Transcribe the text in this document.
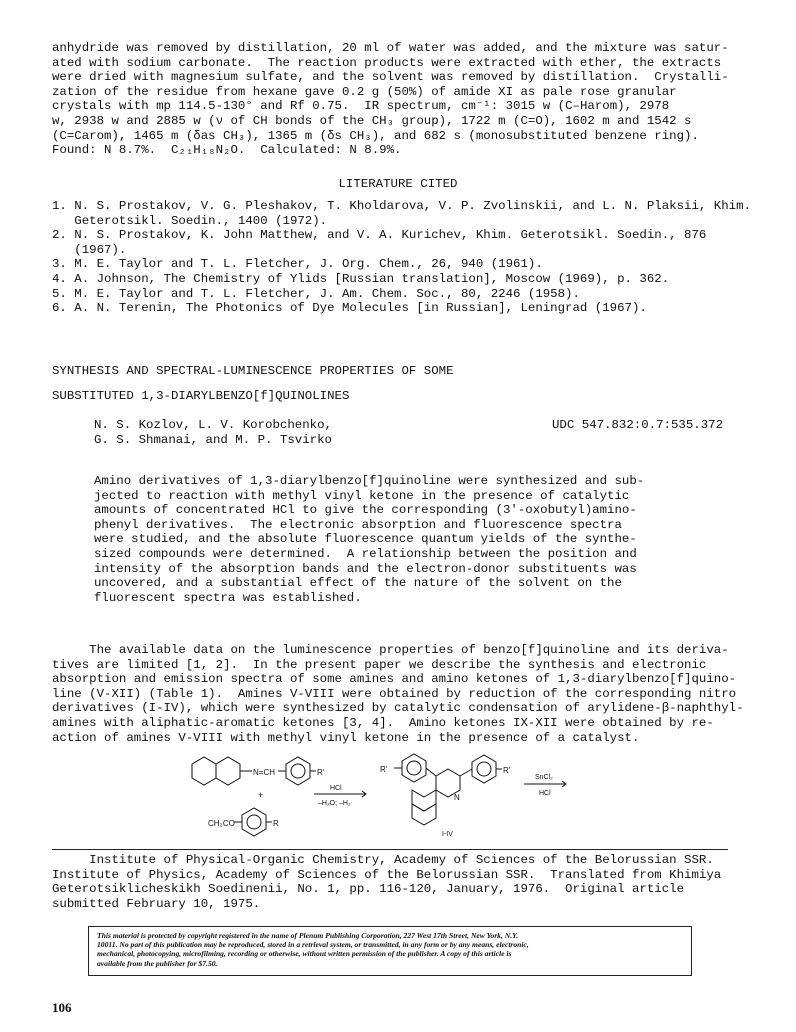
anhydride was removed by distillation, 20 ml of water was added, and the mixture was satur-

ated with sodium carbonate.  The reaction products were extracted with ether, the extracts

were dried with magnesium sulfate, and the solvent was removed by distillation.  Crystalli-

zation of the residue from hexane gave 0.2 g (50%) of amide XI as pale rose granular

crystals with mp 114.5-130° and Rf 0.75.  IR spectrum, cm⁻¹: 3015 w (C–Harom), 2978

w, 2938 w and 2885 w (ν of CH bonds of the CH₃ group), 1722 m (C=O), 1602 m and 1542 s

(C=Carom), 1465 m (δas CH₃), 1365 m (δs CH₃), and 682 s (monosubstituted benzene ring).

Found: N 8.7%.  C₂₁H₁₈N₂O.  Calculated: N 8.9%.

LITERATURE CITED

1. N. S. Prostakov, V. G. Pleshakov, T. Kholdarova, V. P. Zvolinskii, and L. N. Plaksii, Khim.

Geterotsikl. Soedin., 1400 (1972).

2. N. S. Prostakov, K. John Matthew, and V. A. Kurichev, Khim. Geterotsikl. Soedin., 876

(1967).

3. M. E. Taylor and T. L. Fletcher, J. Org. Chem., 26, 940 (1961).

4. A. Johnson, The Chemistry of Ylids [Russian translation], Moscow (1969), p. 362.

5. M. E. Taylor and T. L. Fletcher, J. Am. Chem. Soc., 80, 2246 (1958).

6. A. N. Terenin, The Photonics of Dye Molecules [in Russian], Leningrad (1967).

SYNTHESIS AND SPECTRAL-LUMINESCENCE PROPERTIES OF SOME

SUBSTITUTED 1,3-DIARYLBENZO[f]QUINOLINES

N. S. Kozlov, L. V. Korobchenko,

G. S. Shmanai, and M. P. Tsvirko

UDC 547.832:0.7:535.372

Amino derivatives of 1,3-diarylbenzo[f]quinoline were synthesized and sub-

jected to reaction with methyl vinyl ketone in the presence of catalytic

amounts of concentrated HCl to give the corresponding (3'-oxobutyl)amino-

phenyl derivatives.  The electronic absorption and fluorescence spectra

were studied, and the absolute fluorescence quantum yields of the synthe-

sized compounds were determined.  A relationship between the position and

intensity of the absorption bands and the electron-donor substituents was

uncovered, and a substantial effect of the nature of the solvent on the

fluorescent spectra was established.

The available data on the luminescence properties of benzo[f]quinoline and its deriva-

tives are limited [1, 2].  In the present paper we describe the synthesis and electronic

absorption and emission spectra of some amines and amino ketones of 1,3-diarylbenzo[f]quino-

line (V-XII) (Table 1).  Amines V-VIII were obtained by reduction of the corresponding nitro

derivatives (I-IV), which were synthesized by catalytic condensation of arylidene-β-naphthyl-

amines with aliphatic-aromatic ketones [3, 4].  Amino ketones IX-XII were obtained by re-

action of amines V-VIII with methyl vinyl ketone in the presence of a catalyst.

N=CH	R'
+
CH₃CO	R
HCl
–H₂O; –H₂
R'
N
R'
I-IV
SnCl₂
HCl

Institute of Physical-Organic Chemistry, Academy of Sciences of the Belorussian SSR.

Institute of Physics, Academy of Sciences of the Belorussian SSR.  Translated from Khimiya

Geterotsiklicheskikh Soedinenii, No. 1, pp. 116-120, January, 1976.  Original article

submitted February 10, 1975.

This material is protected by copyright registered in the name of Plenum Publishing Corporation, 227 West 17th Street, New York, N.Y.

10011. No part of this publication may be reproduced, stored in a retrieval system, or transmitted, in any form or by any means, electronic,

mechanical, photocopying, microfilming, recording or otherwise, without written permission of the publisher. A copy of this article is

available from the publisher for $7.50.

106
